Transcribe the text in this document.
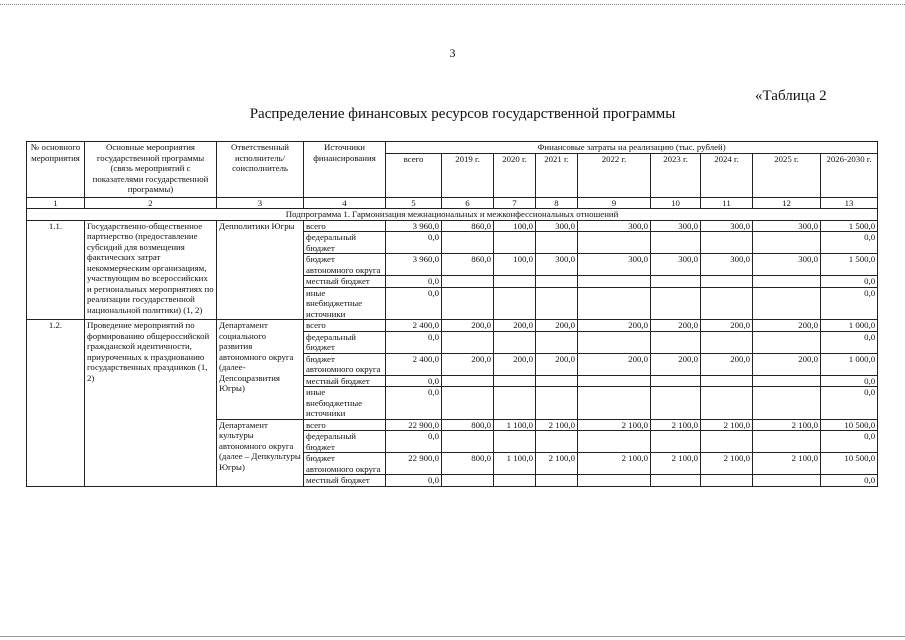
3
«Таблица 2
Распределение финансовых ресурсов государственной программы
№ основного мероприятия	Основные мероприятия государственной программы (связь мероприятий с показателями государственной программы)	Ответственный исполнитель/ соисполнитель	Источники финансирования	Финансовые затраты на реализацию (тыс. рублей)								
				всего	2019 г.	2020 г.	2021 г.	2022 г.	2023 г.	2024 г.	2025 г.	2026-2030 г.
1	2	3	4	5	6	7	8	9	10	11	12	13
Подпрограмма 1. Гармонизация межнациональных и межконфессиональных отношений												
1.1.	Государственно-общественное партнерство (предоставление субсидий для возмещения фактических затрат некоммерческим организациям, участвующим во всероссийских и региональных мероприятиях по реализации государственной национальной политики) (1, 2)	Депполитики Югры	всего	3 960,0	860,0	100,0	300,0	300,0	300,0	300,0	300,0	1 500,0
			федеральный бюджет	0,0								0,0
			бюджет автономного округа	3 960,0	860,0	100,0	300,0	300,0	300,0	300,0	300,0	1 500,0
			местный бюджет	0,0								0,0
			иные внебюджетные источники	0,0								0,0
1.2.	Проведение мероприятий по формированию общероссийской гражданской идентичности, приуроченных к празднованию государственных праздников (1, 2)	Департамент социального развития автономного округа (далее-Депсоцразвития Югры)	всего	2 400,0	200,0	200,0	200,0	200,0	200,0	200,0	200,0	1 000,0
			федеральный бюджет	0,0								0,0
			бюджет автономного округа	2 400,0	200,0	200,0	200,0	200,0	200,0	200,0	200,0	1 000,0
			местный бюджет	0,0								0,0
			иные внебюджетные источники	0,0								0,0
		Департамент культуры автономного округа (далее – Депкультуры Югры)	всего	22 900,0	800,0	1 100,0	2 100,0	2 100,0	2 100,0	2 100,0	2 100,0	10 500,0
			федеральный бюджет	0,0								0,0
			бюджет автономного округа	22 900,0	800,0	1 100,0	2 100,0	2 100,0	2 100,0	2 100,0	2 100,0	10 500,0
			местный бюджет	0,0								0,0
